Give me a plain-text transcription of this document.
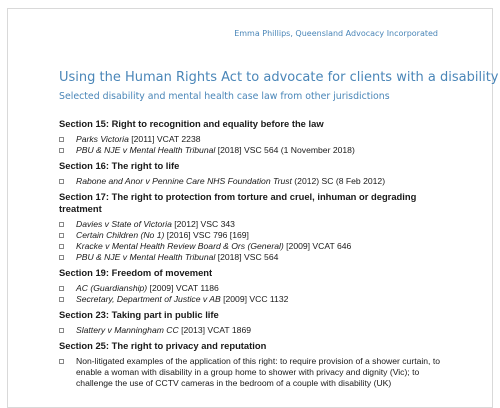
Emma Phillips, Queensland Advocacy Incorporated
Using the Human Rights Act to advocate for clients with a disability
Selected disability and mental health case law from other jurisdictions

Section 15: Right to recognition and equality before the law

Parks Victoria [2011] VCAT 2238
PBU & NJE v Mental Health Tribunal [2018] VSC 564 (1 November 2018)

Section 16: The right to life

Rabone and Anor v Pennine Care NHS Foundation Trust (2012) SC (8 Feb 2012)

Section 17: The right to protection from torture and cruel, inhuman or degrading treatment

Davies v State of Victoria [2012] VSC 343
Certain Children (No 1) [2016] VSC 796 [169]
Kracke v Mental Health Review Board & Ors (General) [2009] VCAT 646
PBU & NJE v Mental Health Tribunal [2018] VSC 564

Section 19: Freedom of movement

AC (Guardianship) [2009] VCAT 1186
Secretary, Department of Justice v AB [2009] VCC 1132

Section 23: Taking part in public life

Slattery v Manningham CC [2013] VCAT 1869

Section 25: The right to privacy and reputation

Non-litigated examples of the application of this right: to require provision of a shower curtain, to enable a woman with disability in a group home to shower with privacy and dignity (Vic); to challenge the use of CCTV cameras in the bedroom of a couple with disability (UK)
